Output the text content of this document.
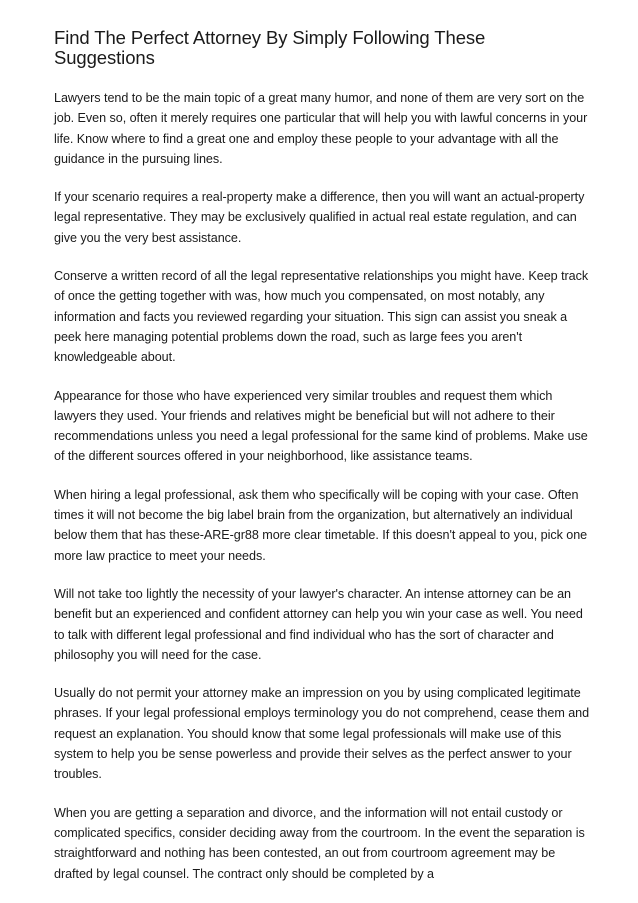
Find The Perfect Attorney By Simply Following These Suggestions

Lawyers tend to be the main topic of a great many humor, and none of them are very sort on the job. Even so, often it merely requires one particular that will help you with lawful concerns in your life. Know where to find a great one and employ these people to your advantage with all the guidance in the pursuing lines.

If your scenario requires a real-property make a difference, then you will want an actual-property legal representative. They may be exclusively qualified in actual real estate regulation, and can give you the very best assistance.

Conserve a written record of all the legal representative relationships you might have. Keep track of once the getting together with was, how much you compensated, on most notably, any information and facts you reviewed regarding your situation. This sign can assist you sneak a peek here managing potential problems down the road, such as large fees you aren't knowledgeable about.

Appearance for those who have experienced very similar troubles and request them which lawyers they used. Your friends and relatives might be beneficial but will not adhere to their recommendations unless you need a legal professional for the same kind of problems. Make use of the different sources offered in your neighborhood, like assistance teams.

When hiring a legal professional, ask them who specifically will be coping with your case. Often times it will not become the big label brain from the organization, but alternatively an individual below them that has these-ARE-gr88 more clear timetable. If this doesn't appeal to you, pick one more law practice to meet your needs.

Will not take too lightly the necessity of your lawyer's character. An intense attorney can be an benefit but an experienced and confident attorney can help you win your case as well. You need to talk with different legal professional and find individual who has the sort of character and philosophy you will need for the case.

Usually do not permit your attorney make an impression on you by using complicated legitimate phrases. If your legal professional employs terminology you do not comprehend, cease them and request an explanation. You should know that some legal professionals will make use of this system to help you be sense powerless and provide their selves as the perfect answer to your troubles.

When you are getting a separation and divorce, and the information will not entail custody or complicated specifics, consider deciding away from the courtroom. In the event the separation is straightforward and nothing has been contested, an out from courtroom agreement may be drafted by legal counsel. The contract only should be completed by a
